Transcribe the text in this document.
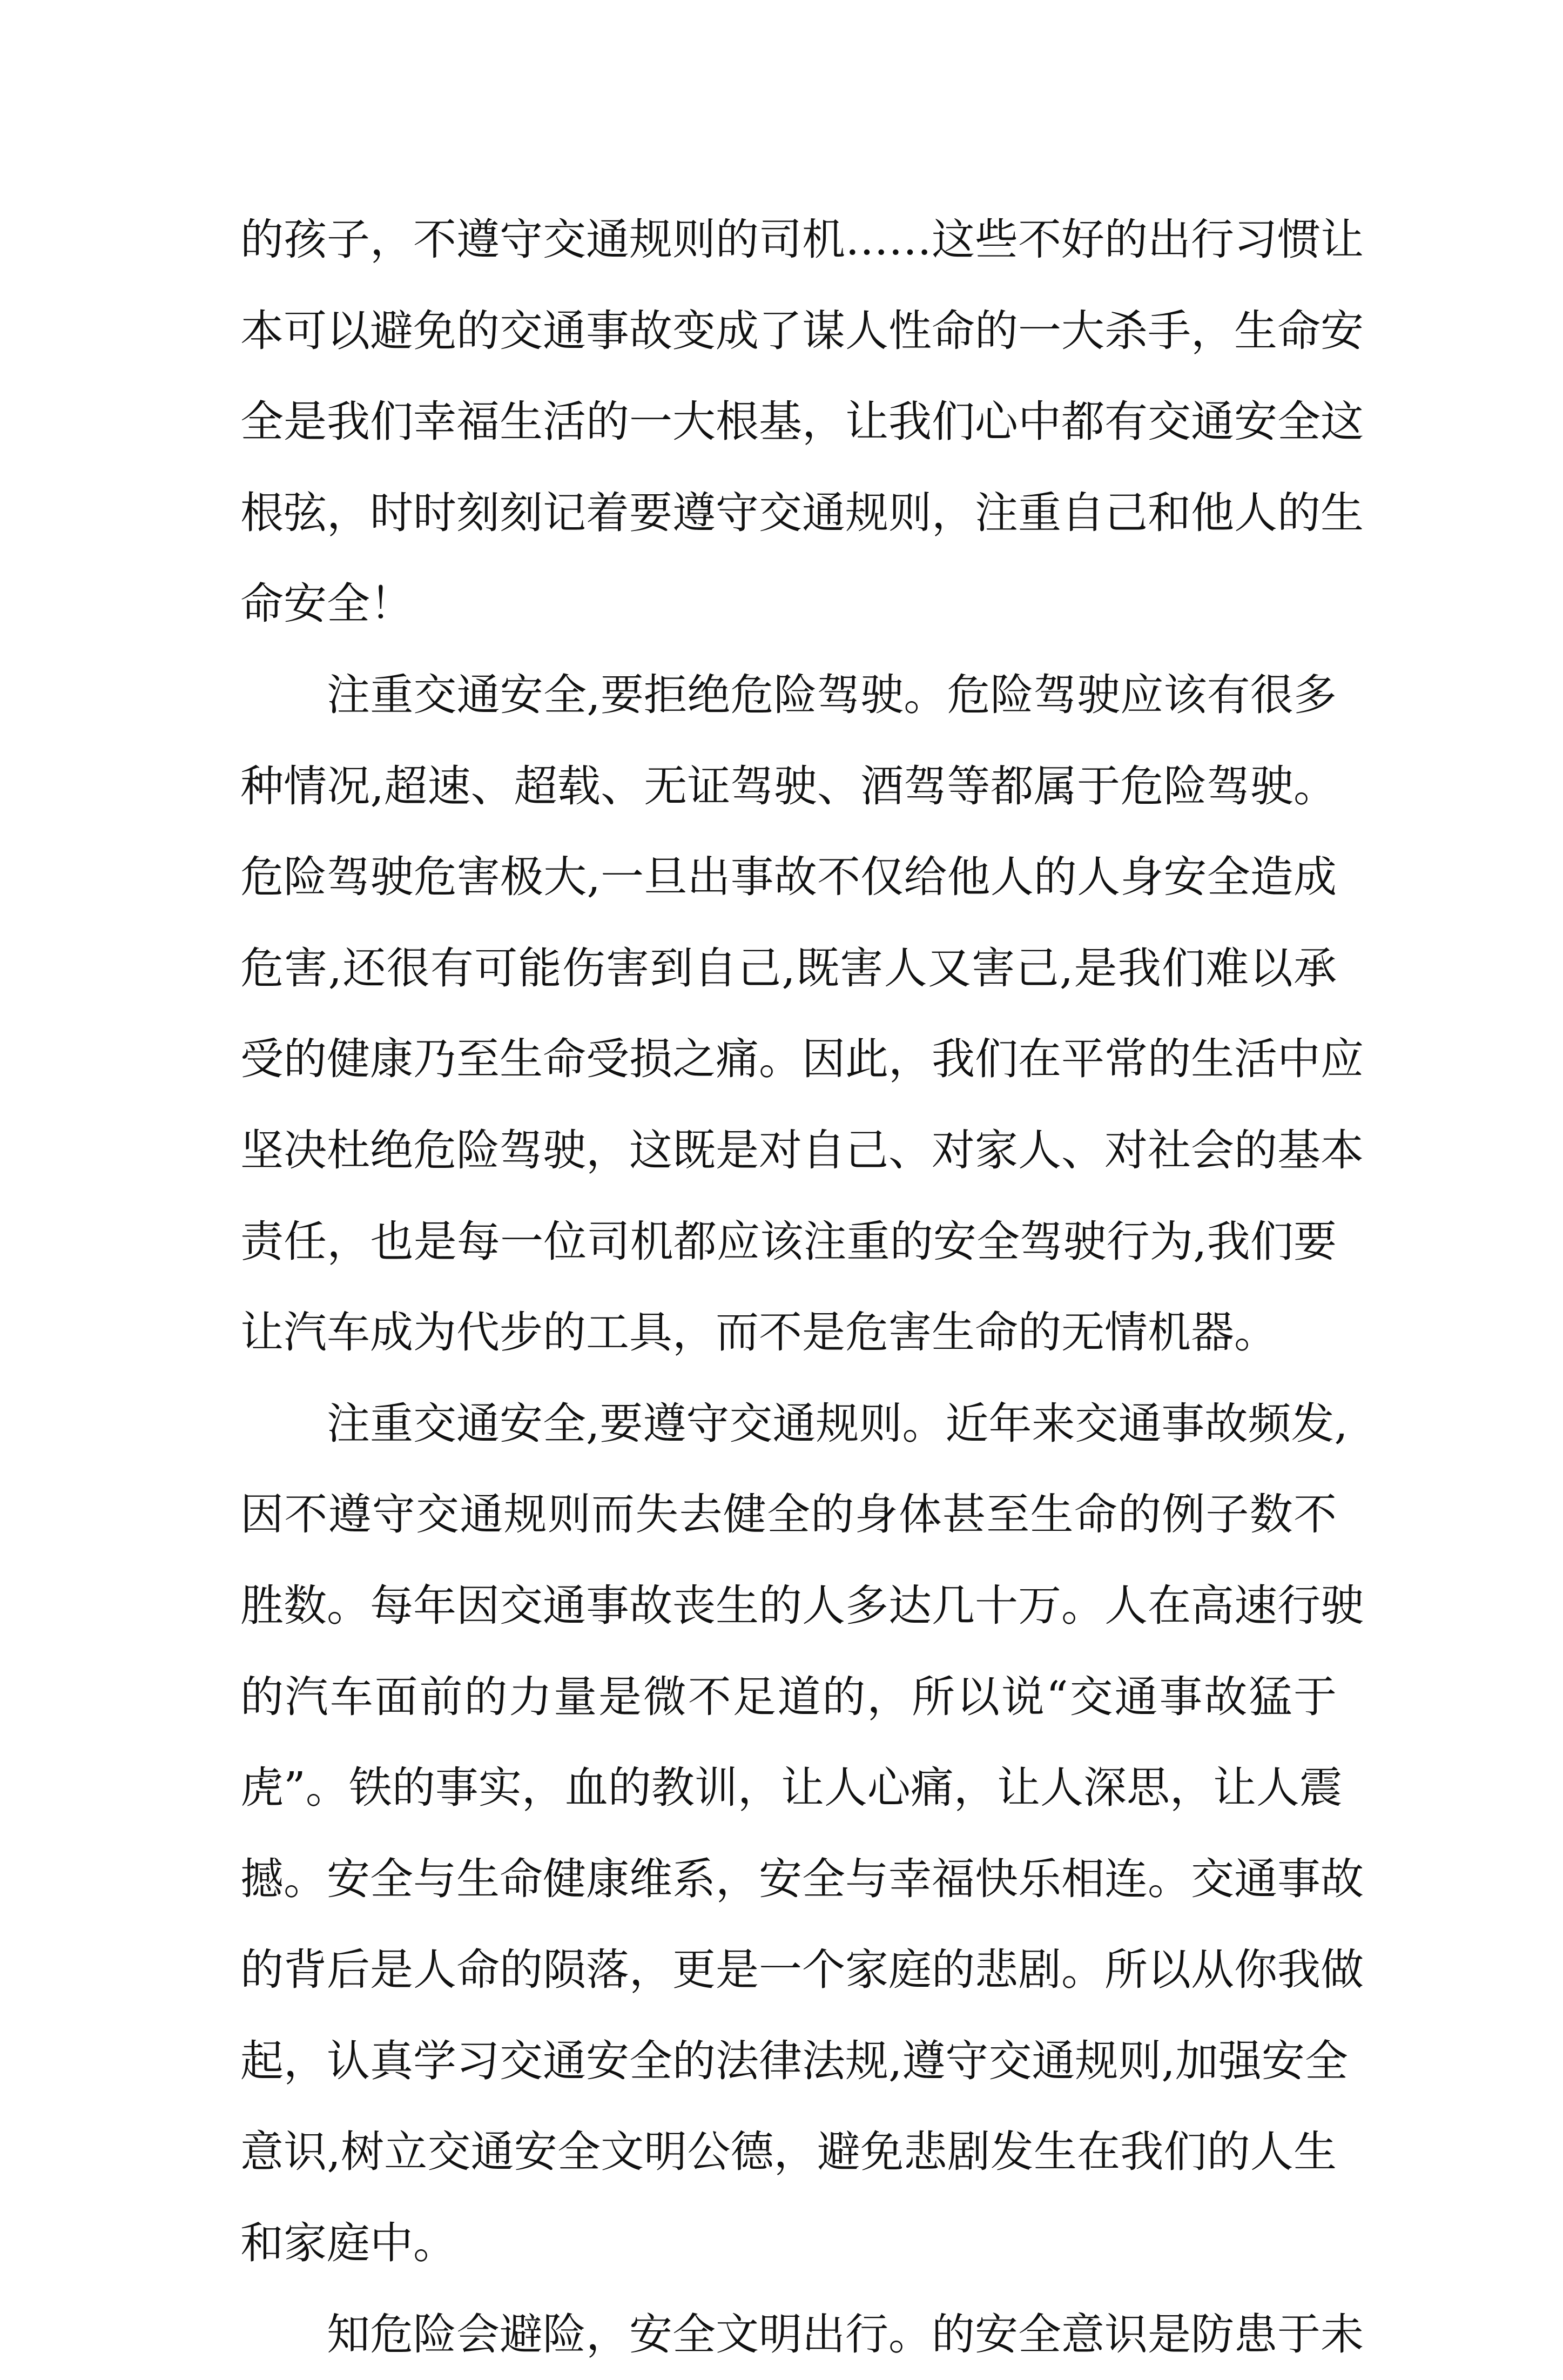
的孩子，不遵守交通规则的司机……这些不好的出行习惯让
本可以避免的交通事故变成了谋人性命的一大杀手，生命安
全是我们幸福生活的一大根基，让我们心中都有交通安全这
根弦，时时刻刻记着要遵守交通规则，注重自己和他人的生
命安全！
注重交通安全,要拒绝危险驾驶。危险驾驶应该有很多
种情况,超速、超载、无证驾驶、酒驾等都属于危险驾驶。
危险驾驶危害极大,一旦出事故不仅给他人的人身安全造成
危害,还很有可能伤害到自己,既害人又害己,是我们难以承
受的健康乃至生命受损之痛。因此，我们在平常的生活中应
坚决杜绝危险驾驶，这既是对自己、对家人、对社会的基本
责任，也是每一位司机都应该注重的安全驾驶行为,我们要
让汽车成为代步的工具，而不是危害生命的无情机器。
注重交通安全,要遵守交通规则。近年来交通事故频发,
因不遵守交通规则而失去健全的身体甚至生命的例子数不
胜数。每年因交通事故丧生的人多达几十万。人在高速行驶
的汽车面前的力量是微不足道的，所以说“交通事故猛于
虎”。铁的事实，血的教训，让人心痛，让人深思，让人震
撼。安全与生命健康维系，安全与幸福快乐相连。交通事故
的背后是人命的陨落，更是一个家庭的悲剧。所以从你我做
起，认真学习交通安全的法律法规,遵守交通规则,加强安全
意识,树立交通安全文明公德，避免悲剧发生在我们的人生
和家庭中。
知危险会避险，安全文明出行。的安全意识是防患于未
